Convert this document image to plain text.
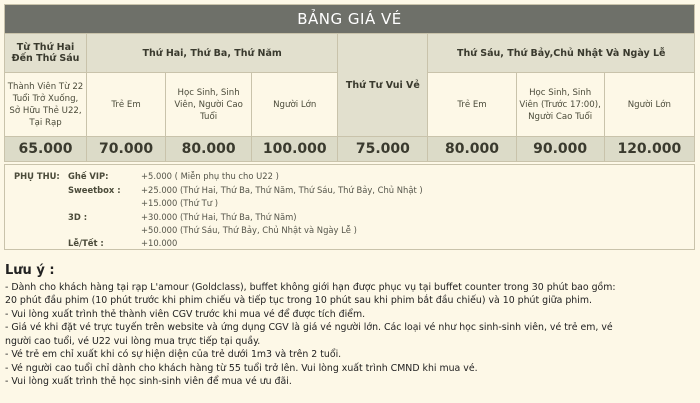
BẢNG GIÁ VÉ							
Từ Thứ Hai Đến Thứ Sáu	Thứ Hai, Thứ Ba, Thứ Năm			Thứ Tư Vui Vẻ	Thứ Sáu, Thứ Bảy,Chủ Nhật Và Ngày Lễ		
Thành Viên Từ 22 Tuổi Trở Xuống, Sở Hữu Thẻ U22, Tại Rạp	Trẻ Em	Học Sinh, Sinh Viên, Người Cao Tuổi	Người Lớn		Trẻ Em	Học Sinh, Sinh Viên (Trước 17:00), Người Cao Tuổi	Người Lớn
65.000	70.000	80.000	100.000	75.000	80.000	90.000	120.000
PHỤ THU: Ghế VIP:	+5.000 ( Miễn phụ thu cho U22 )
Sweetbox : +25.000 (Thứ Hai, Thứ Ba, Thứ Năm, Thứ Sáu, Thứ Bảy, Chủ Nhật )
+15.000 (Thứ Tư )
3D :	+30.000 (Thứ Hai, Thứ Ba, Thứ Năm)
+50.000 (Thứ Sáu, Thứ Bảy, Chủ Nhật và Ngày Lễ )
Lễ/Tết :	+10.000
Lưu ý :
- Dành cho khách hàng tại rạp L'amour (Goldclass), buffet không giới hạn được phục vụ tại buffet counter trong 30 phút bao gồm:
20 phút đầu phim (10 phút trước khi phim chiếu và tiếp tục trong 10 phút sau khi phim bắt đầu chiếu) và 10 phút giữa phim.
- Vui lòng xuất trình thẻ thành viên CGV trước khi mua vé để được tích điểm.
- Giá vé khi đặt vé trực tuyến trên website và ứng dụng CGV là giá vé người lớn. Các loại vé như học sinh-sinh viên, vé trẻ em, vé
người cao tuổi, vé U22 vui lòng mua trực tiếp tại quầy.
- Vé trẻ em chỉ xuất khi có sự hiện diện của trẻ dưới 1m3 và trên 2 tuổi.
- Vé người cao tuổi chỉ dành cho khách hàng từ 55 tuổi trở lên. Vui lòng xuất trình CMND khi mua vé.
- Vui lòng xuất trình thẻ học sinh-sinh viên để mua vé ưu đãi.
